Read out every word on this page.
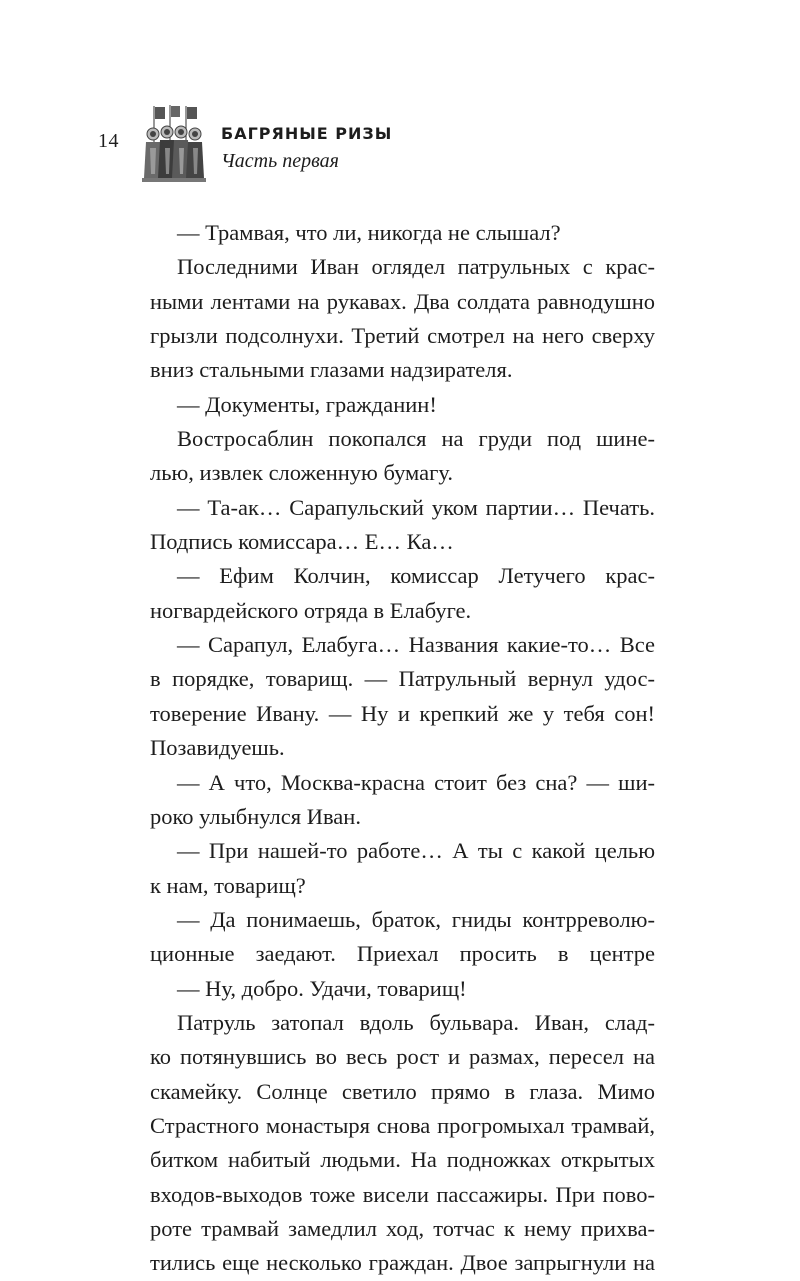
14	БАГРЯНЫЕ РИЗЫ
Часть первая
— Трамвая, что ли, никогда не слышал?
Последними Иван оглядел патрульных с крас-
ными лентами на рукавах. Два солдата равнодушно
грызли подсолнухи. Третий смотрел на него сверху
вниз стальными глазами надзирателя.
— Документы, гражданин!
Востросаблин покопался на груди под шине-
лью, извлек сложенную бумагу.
— Та-ак… Сарапульский уком партии… Печать.
Подпись комиссара… Е… Ка…
— Ефим Колчин, комиссар Летучего крас-
ногвардейского отряда в Елабуге.
— Сарапул, Елабуга… Названия какие-то… Все
в порядке, товарищ. — Патрульный вернул удос-
товерение Ивану. — Ну и крепкий же у тебя сон!
Позавидуешь.
— А что, Москва-красна стоит без сна? — ши-
роко улыбнулся Иван.
— При нашей-то работе… А ты с какой целью
к нам, товарищ?
— Да понимаешь, браток, гниды контрреволю-
ционные заедают. Приехал просить в центре
— Ну, добро. Удачи, товарищ!
Патруль затопал вдоль бульвара. Иван, слад-
ко потянувшись во весь рост и размах, пересел на
скамейку. Солнце светило прямо в глаза. Мимо
Страстного монастыря снова прогромыхал трамвай,
битком набитый людьми. На подножках открытых
входов-выходов тоже висели пассажиры. При пово-
роте трамвай замедлил ход, тотчас к нему прихва-
тились еще несколько граждан. Двое запрыгнули на
